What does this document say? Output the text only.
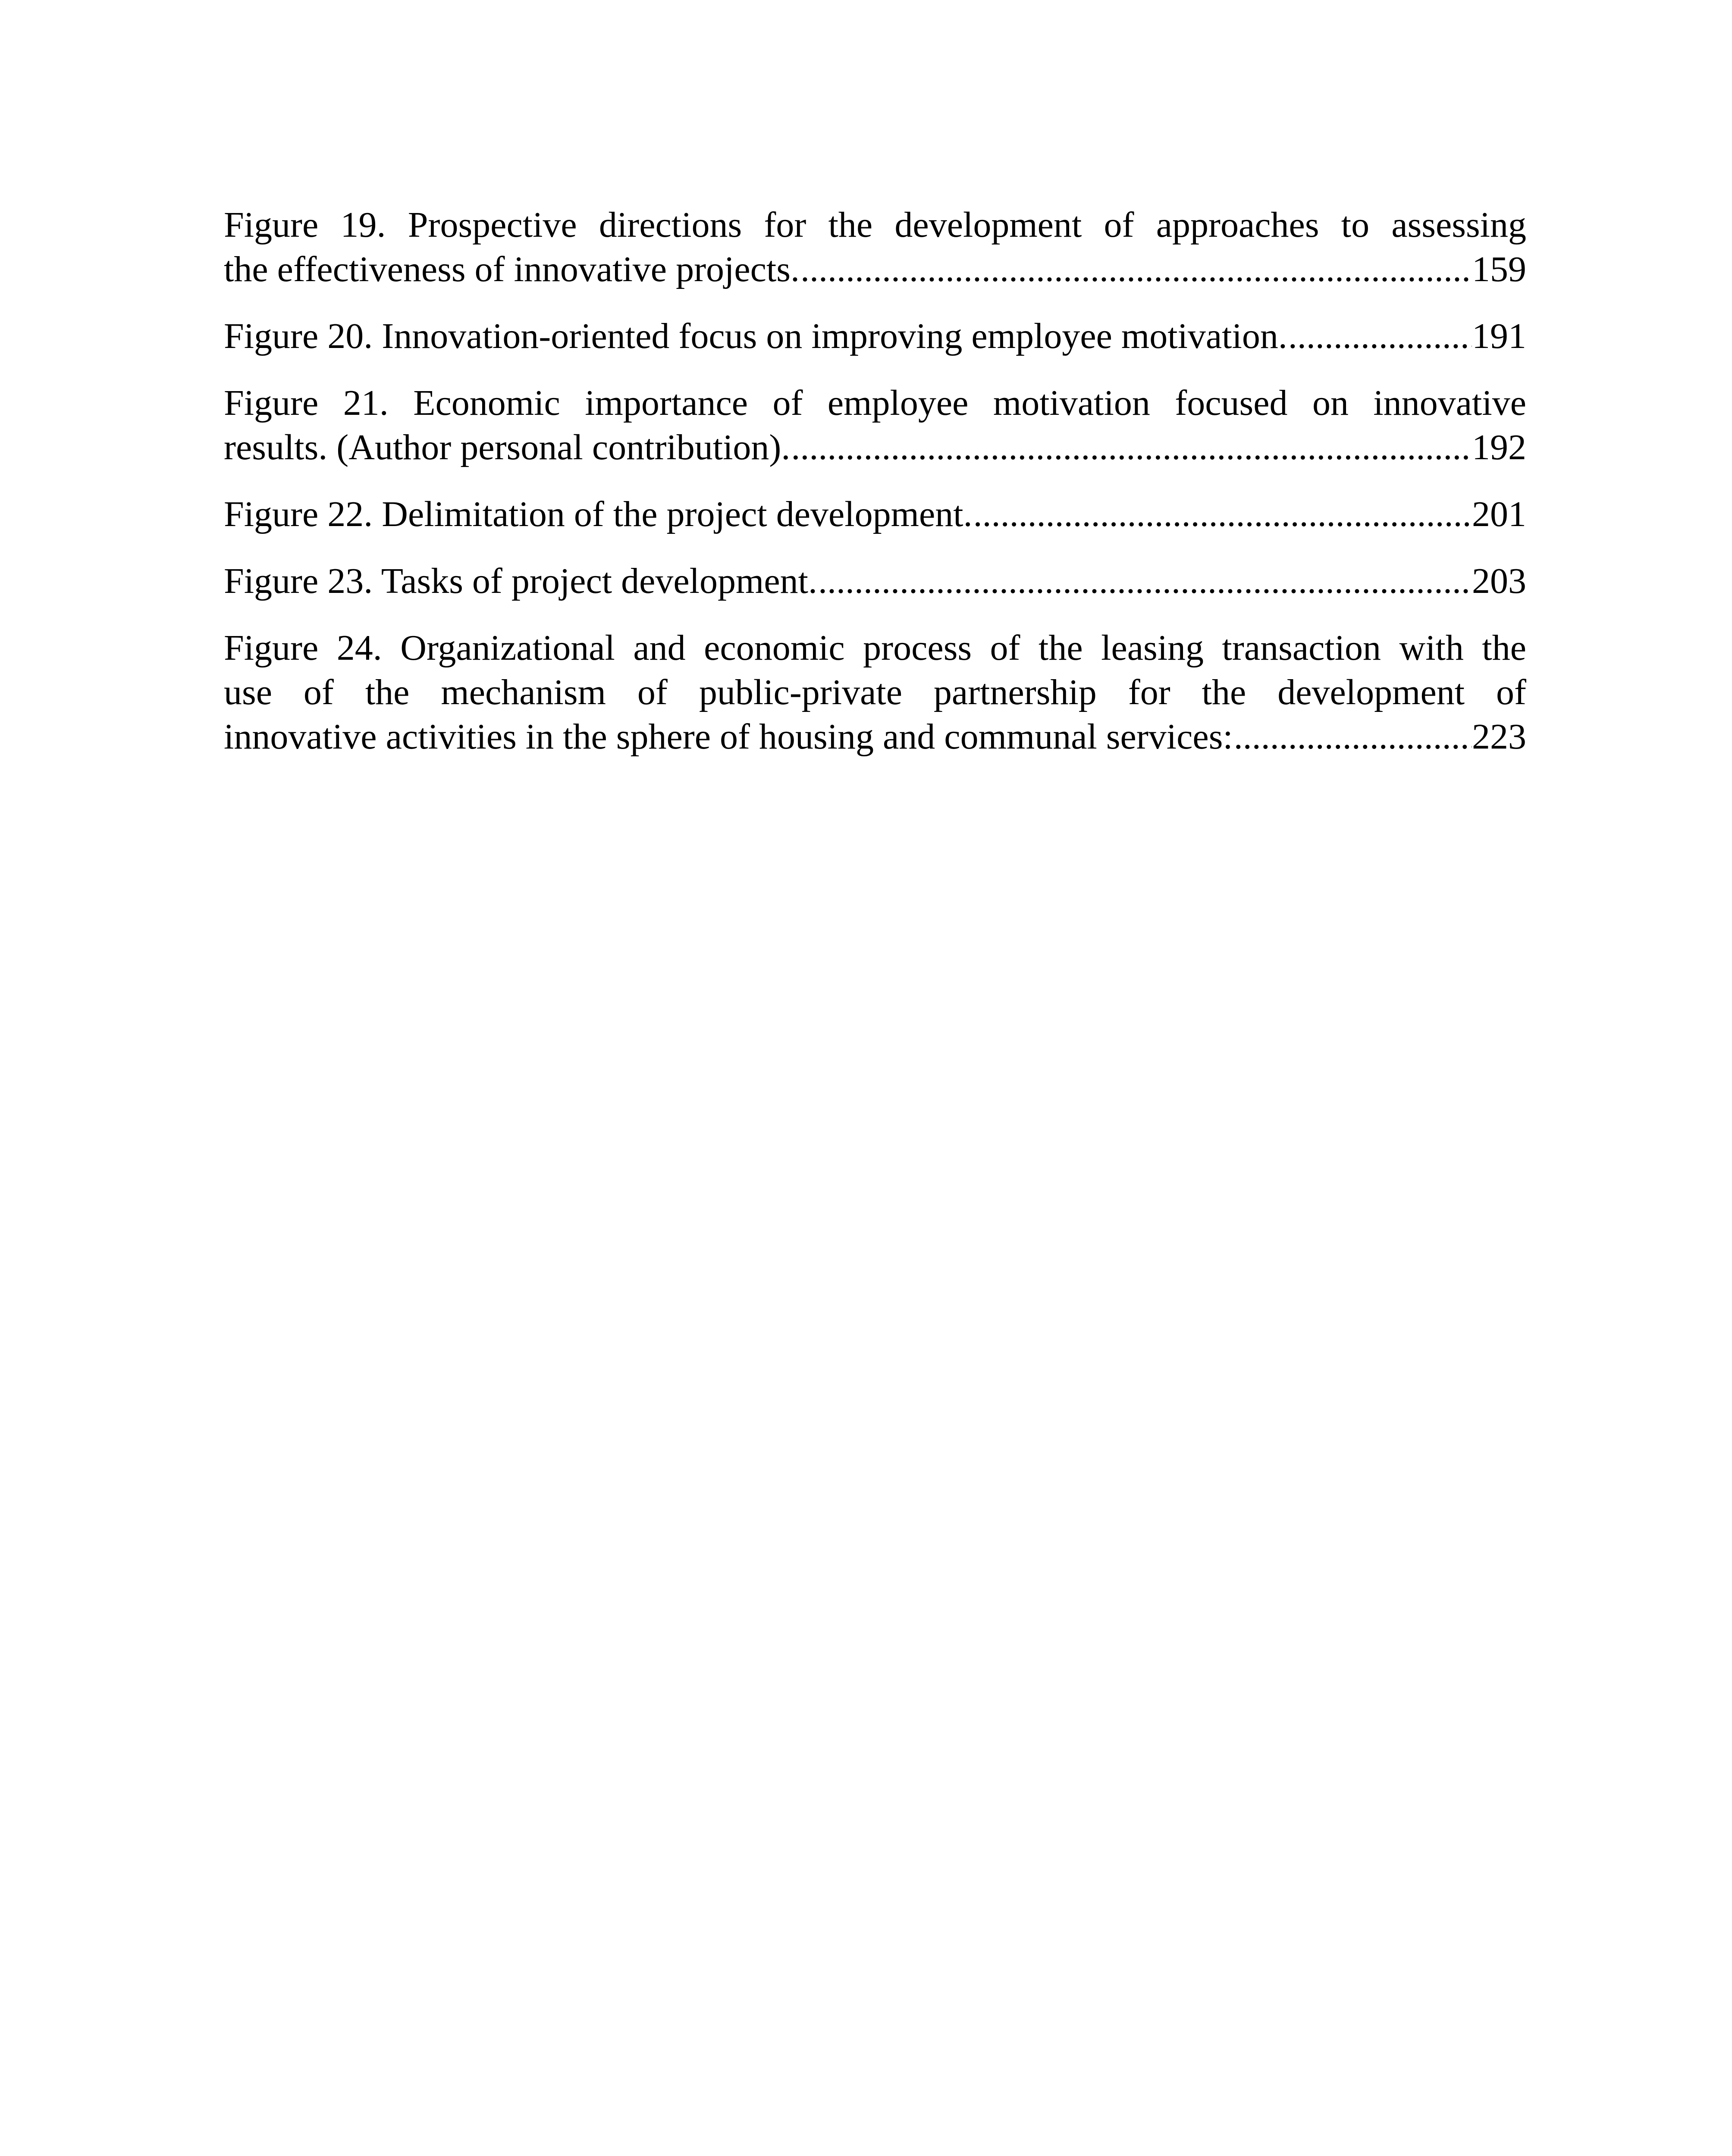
Figure 19. Prospective directions for the development of approaches to assessing
the effectiveness of innovative projects. .....	159
Figure 20. Innovation-oriented focus on improving employee motivation. .....	191
Figure 21. Economic importance of employee motivation focused on innovative
results. (Author personal contribution). .....	192
Figure 22. Delimitation of the project development. .....	201
Figure 23. Tasks of project development. .....	203
Figure 24. Organizational and economic process of the leasing transaction with the
use of the mechanism of public-private partnership for the development of
innovative activities in the sphere of housing and communal services: .....	223
